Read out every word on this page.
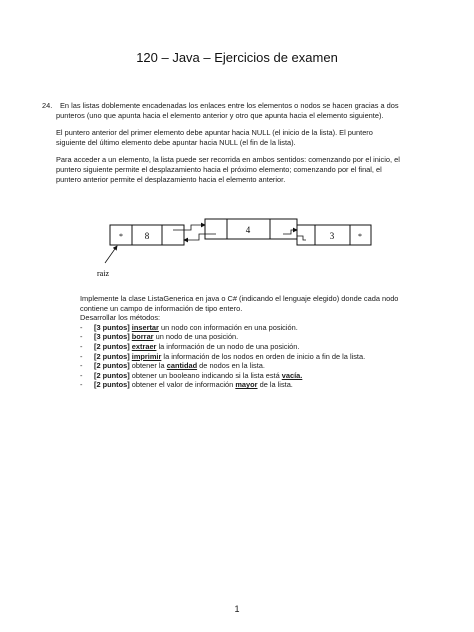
120 – Java – Ejercicios de examen
24.	En las listas doblemente encadenadas los enlaces entre los elementos o nodos se hacen gracias a dos punteros (uno que apunta hacia el elemento anterior y otro que apunta hacia el elemento siguiente).

El puntero anterior del primer elemento debe apuntar hacia NULL (el inicio de la lista). El puntero siguiente del último elemento debe apuntar hacia NULL (el fin de la lista).

Para acceder a un elemento, la lista puede ser recorrida en ambos sentidos: comenzando por el inicio, el puntero siguiente permite el desplazamiento hacia el próximo elemento; comenzando por el final, el puntero anterior permite el desplazamiento hacia el elemento anterior.

* 8
4
3	*
raiz

Implemente la clase ListaGenerica en java o C# (indicando el lenguaje elegido) donde cada nodo contiene un campo de información de tipo entero.

Desarrollar los métodos:

- [3 puntos] insertar un nodo con información en una posición.
- [3 puntos] borrar un nodo de una posición.
- [2 puntos] extraer la información de un nodo de una posición.
- [2 puntos] imprimir la información de los nodos en orden de inicio a fin de la lista.
- [2 puntos] obtener la cantidad de nodos en la lista.
- [2 puntos] obtener un booleano indicando si la lista está vacía.
- [2 puntos] obtener el valor de información mayor de la lista.
1
